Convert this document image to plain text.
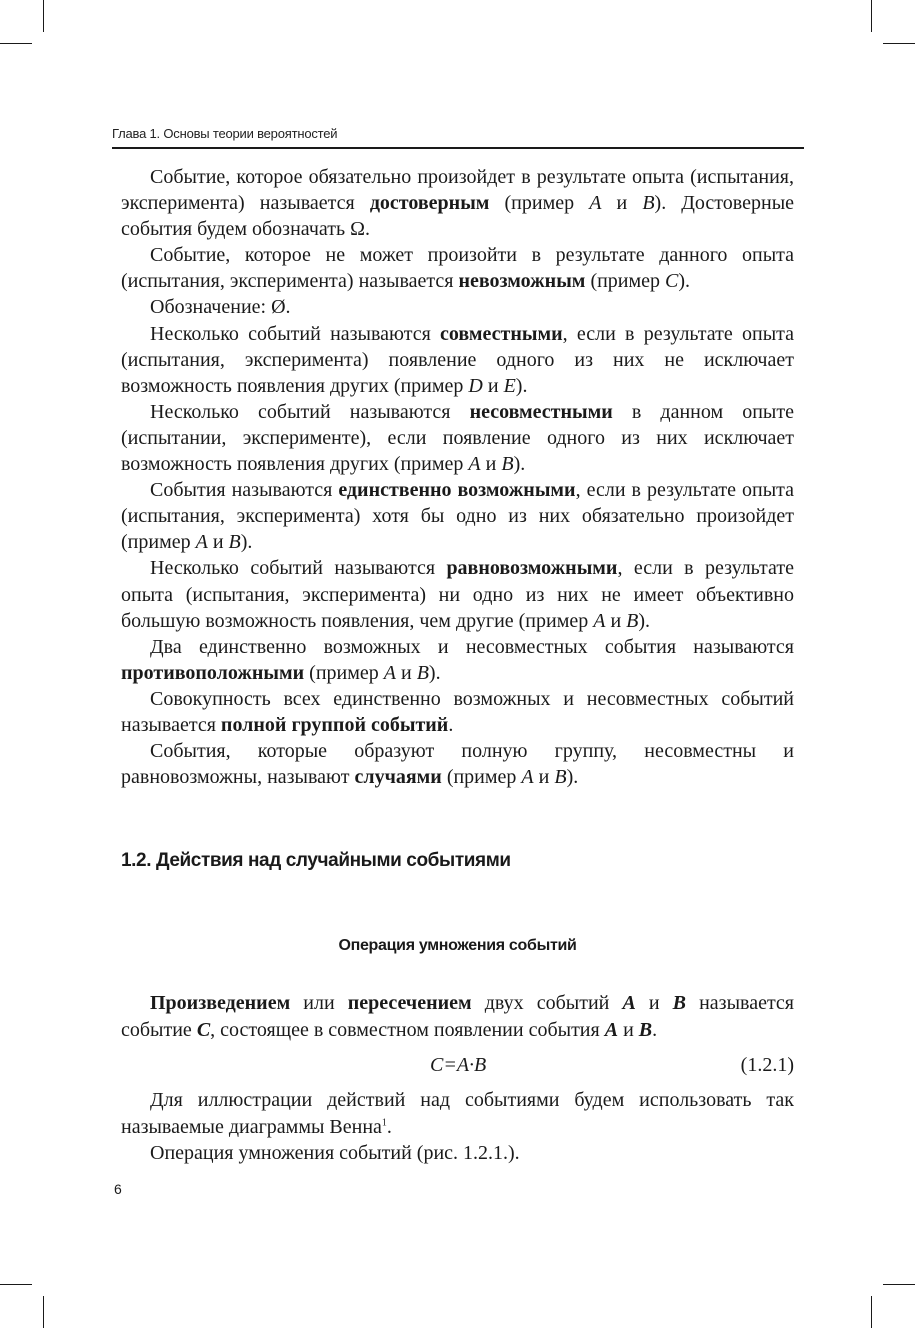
Глава 1. Основы теории вероятностей

Событие, которое обязательно произойдет в результате опыта (испытания, эксперимента) называется достоверным (пример A и B). Достоверные события будем обозначать Ω.

Событие, которое не может произойти в результате данного опыта (испытания, эксперимента) называется невозможным (пример C).

Обозначение: Ø.

Несколько событий называются совместными, если в результате опыта (испытания, эксперимента) появление одного из них не исключает возможность появления других (пример D и E).

Несколько событий называются несовместными в данном опыте (испытании, эксперименте), если появление одного из них исключает возможность появления других (пример A и B).

События называются единственно возможными, если в результате опыта (испытания, эксперимента) хотя бы одно из них обязательно произойдет (пример A и B).

Несколько событий называются равновозможными, если в результате опыта (испытания, эксперимента) ни одно из них не имеет объективно большую возможность появления, чем другие (пример A и B).

Два единственно возможных и несовместных события называются противоположными (пример A и B).

Совокупность всех единственно возможных и несовместных событий называется полной группой событий.

События, которые образуют полную группу, несовместны и равновозможны, называют случаями (пример A и B).

1.2. Действия над случайными событиями
Операция умножения событий

Произведением или пересечением двух событий A и B называется событие C, состоящее в совместном появлении события A и B.

C=A·B	(1.2.1)

Для иллюстрации действий над событиями будем использовать так называемые диаграммы Венна$^1$.

Операция умножения событий (рис. 1.2.1.).

6
